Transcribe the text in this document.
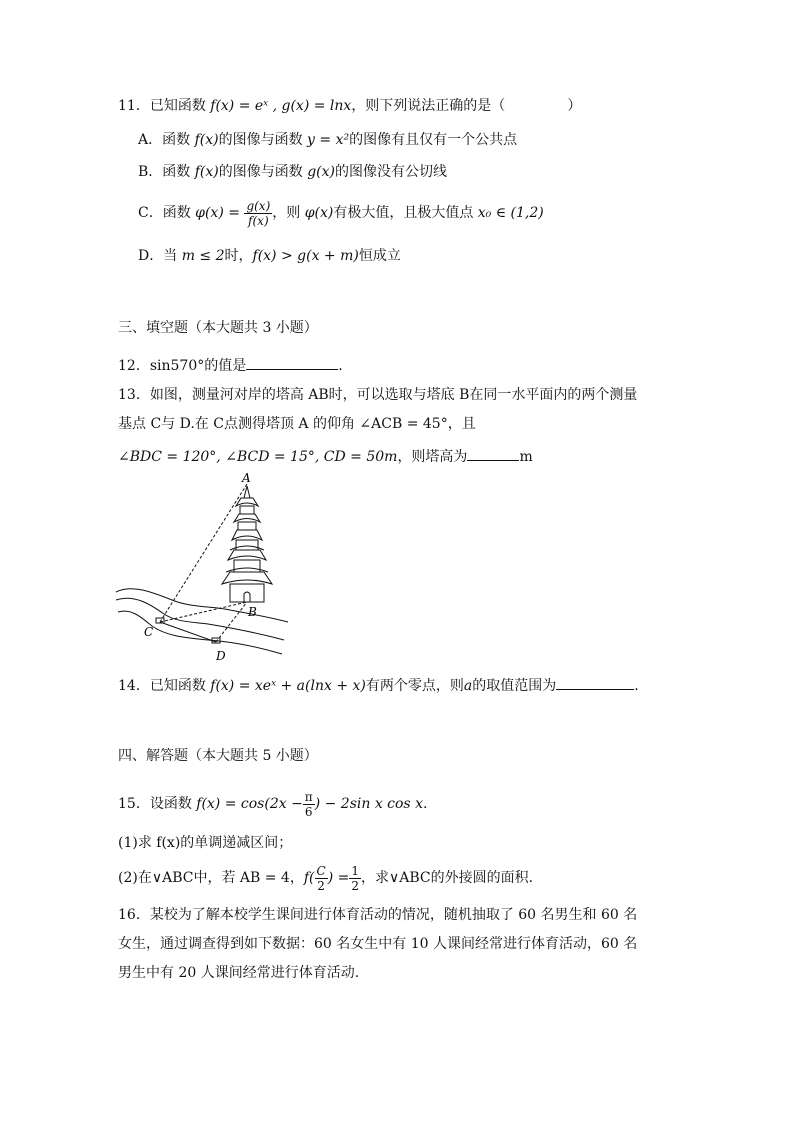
11．已知函数 f(x) = eˣ , g(x) = lnx，则下列说法正确的是（	）
A．函数 f(x)的图像与函数 y = x²的图像有且仅有一个公共点
B．函数 f(x)的图像与函数 g(x)的图像没有公切线
C．函数 $\varphi(x) = \frac{g(x)}{f(x)}$ ，则 φ(x)有极大值，且极大值点 x₀ ∈ (1,2)
D．当 m ≤ 2时，f(x) > g(x + m)恒成立
三、填空题（本大题共 3 小题）
12．sin570°的值是	.
13．如图，测量河对岸的塔高 AB时，可以选取与塔底 B在同一水平面内的两个测量
基点 C与 D.在 C点测得塔顶 A 的仰角 ∠ACB = 45°，且
∠BDC = 120°, ∠BCD = 15°, CD = 50m，则塔高为	m
A
B
C
D
14．已知函数 f(x) = xeˣ + a(lnx + x)有两个零点，则a的取值范围为	.
四、解答题（本大题共 5 小题）
15．设函数 $f(x) = \cos(2x - \frac{\pi}{6}$ ) − 2sin x cos x.
(1)求 f(x)的单调递减区间；
(2)在∨ABC中，若 AB = 4，$f( \frac{C}{2}$ ) = $\frac{1}{2}$ ，求∨ABC的外接圆的面积．
16．某校为了解本校学生课间进行体育活动的情况，随机抽取了 60 名男生和 60 名
女生，通过调查得到如下数据：60 名女生中有 10 人课间经常进行体育活动，60 名
男生中有 20 人课间经常进行体育活动.
